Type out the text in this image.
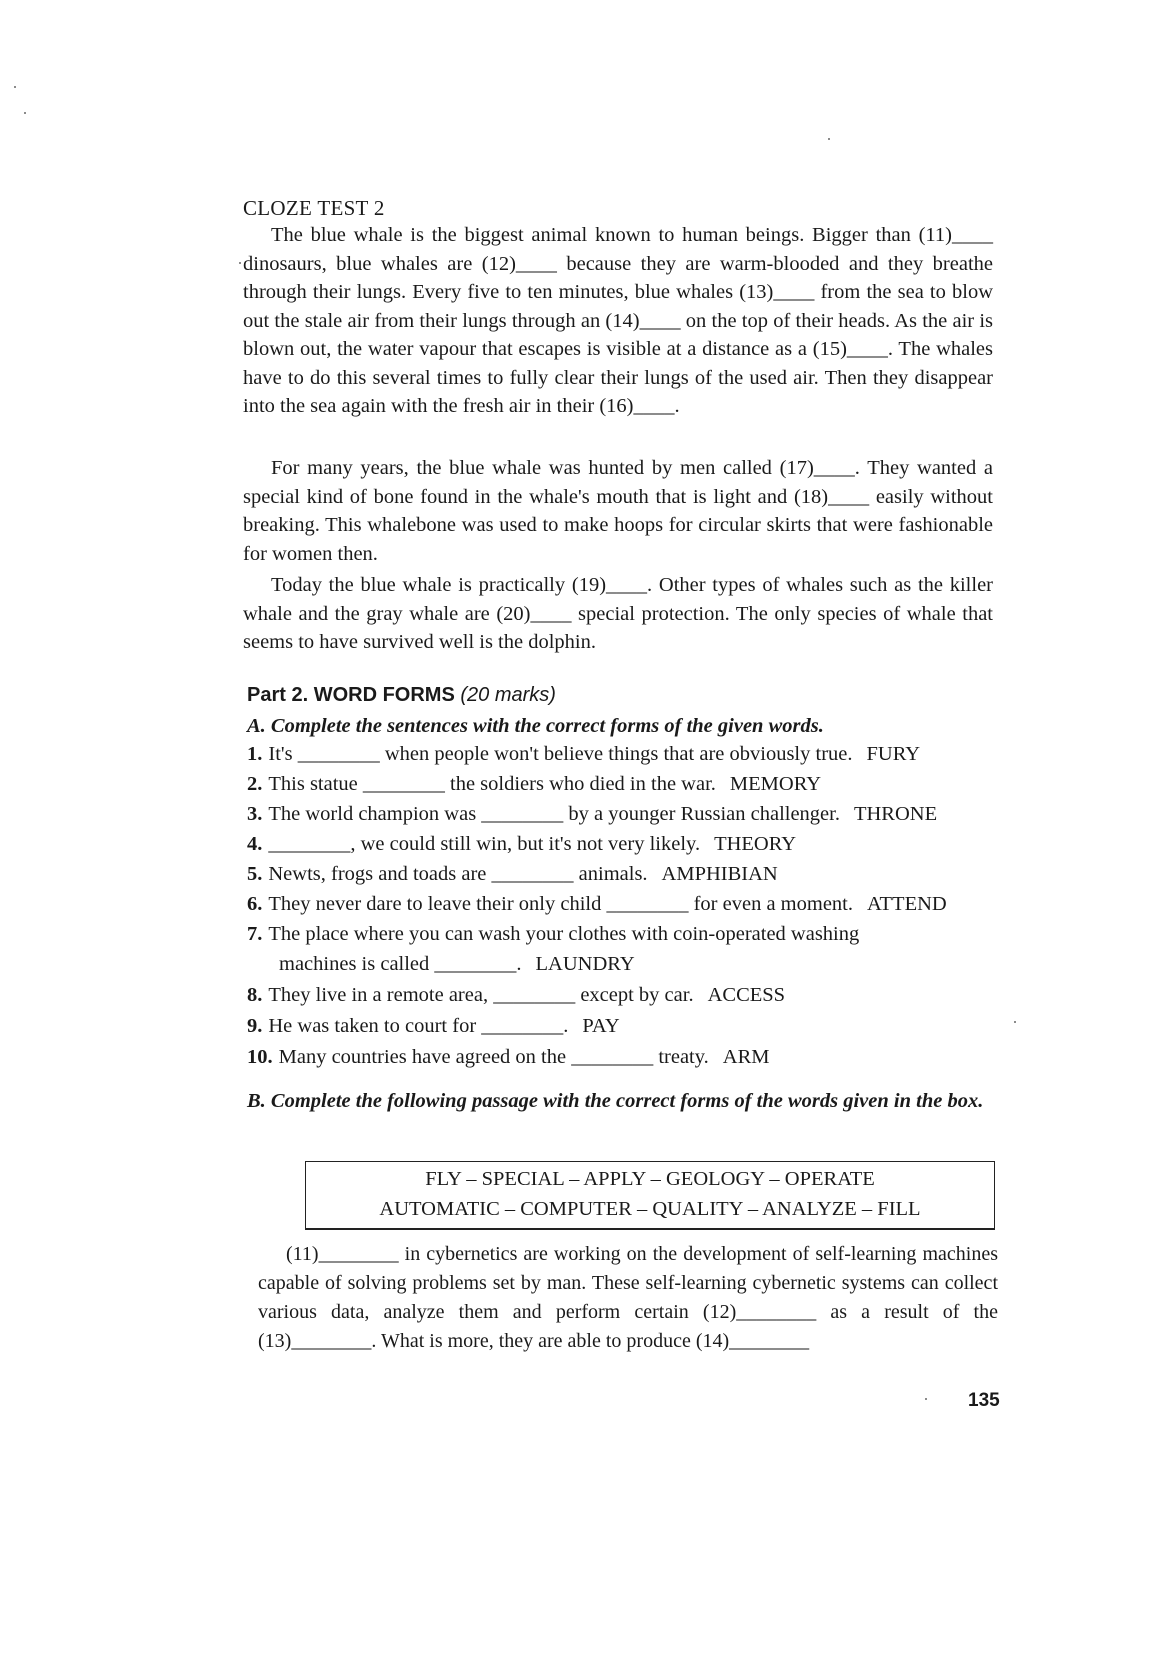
CLOZE TEST 2

The blue whale is the biggest animal known to human beings. Bigger than (11)____ dinosaurs, blue whales are (12)____ because they are warm-blooded and they breathe through their lungs. Every five to ten minutes, blue whales (13)____ from the sea to blow out the stale air from their lungs through an (14)____ on the top of their heads. As the air is blown out, the water vapour that escapes is visible at a distance as a (15)____. The whales have to do this several times to fully clear their lungs of the used air. Then they disappear into the sea again with the fresh air in their (16)____.

For many years, the blue whale was hunted by men called (17)____. They wanted a special kind of bone found in the whale's mouth that is light and (18)____ easily without breaking. This whalebone was used to make hoops for circular skirts that were fashionable for women then.

Today the blue whale is practically (19)____. Other types of whales such as the killer whale and the gray whale are (20)____ special protection. The only species of whale that seems to have survived well is the dolphin.

Part 2. WORD FORMS (20 marks)

A. Complete the sentences with the correct forms of the given words.

1. It's ________ when people won't believe things that are obviously true. FURY
2. This statue ________ the soldiers who died in the war. MEMORY
3. The world champion was ________ by a younger Russian challenger. THRONE
4. ________, we could still win, but it's not very likely. THEORY
5. Newts, frogs and toads are ________ animals. AMPHIBIAN
6. They never dare to leave their only child ________ for even a moment. ATTEND
7. The place where you can wash your clothes with coin-operated washing
machines is called ________. LAUNDRY
8. They live in a remote area, ________ except by car. ACCESS
9. He was taken to court for ________. PAY
10. Many countries have agreed on the ________ treaty. ARM

B. Complete the following passage with the correct forms of the words given in the box.

FLY – SPECIAL – APPLY – GEOLOGY – OPERATE
AUTOMATIC – COMPUTER – QUALITY – ANALYZE – FILL

(11)________ in cybernetics are working on the development of self-learning machines capable of solving problems set by man. These self-learning cybernetic systems can collect various data, analyze them and perform certain (12)________ as a result of the (13)________. What is more, they are able to produce (14)________

135
